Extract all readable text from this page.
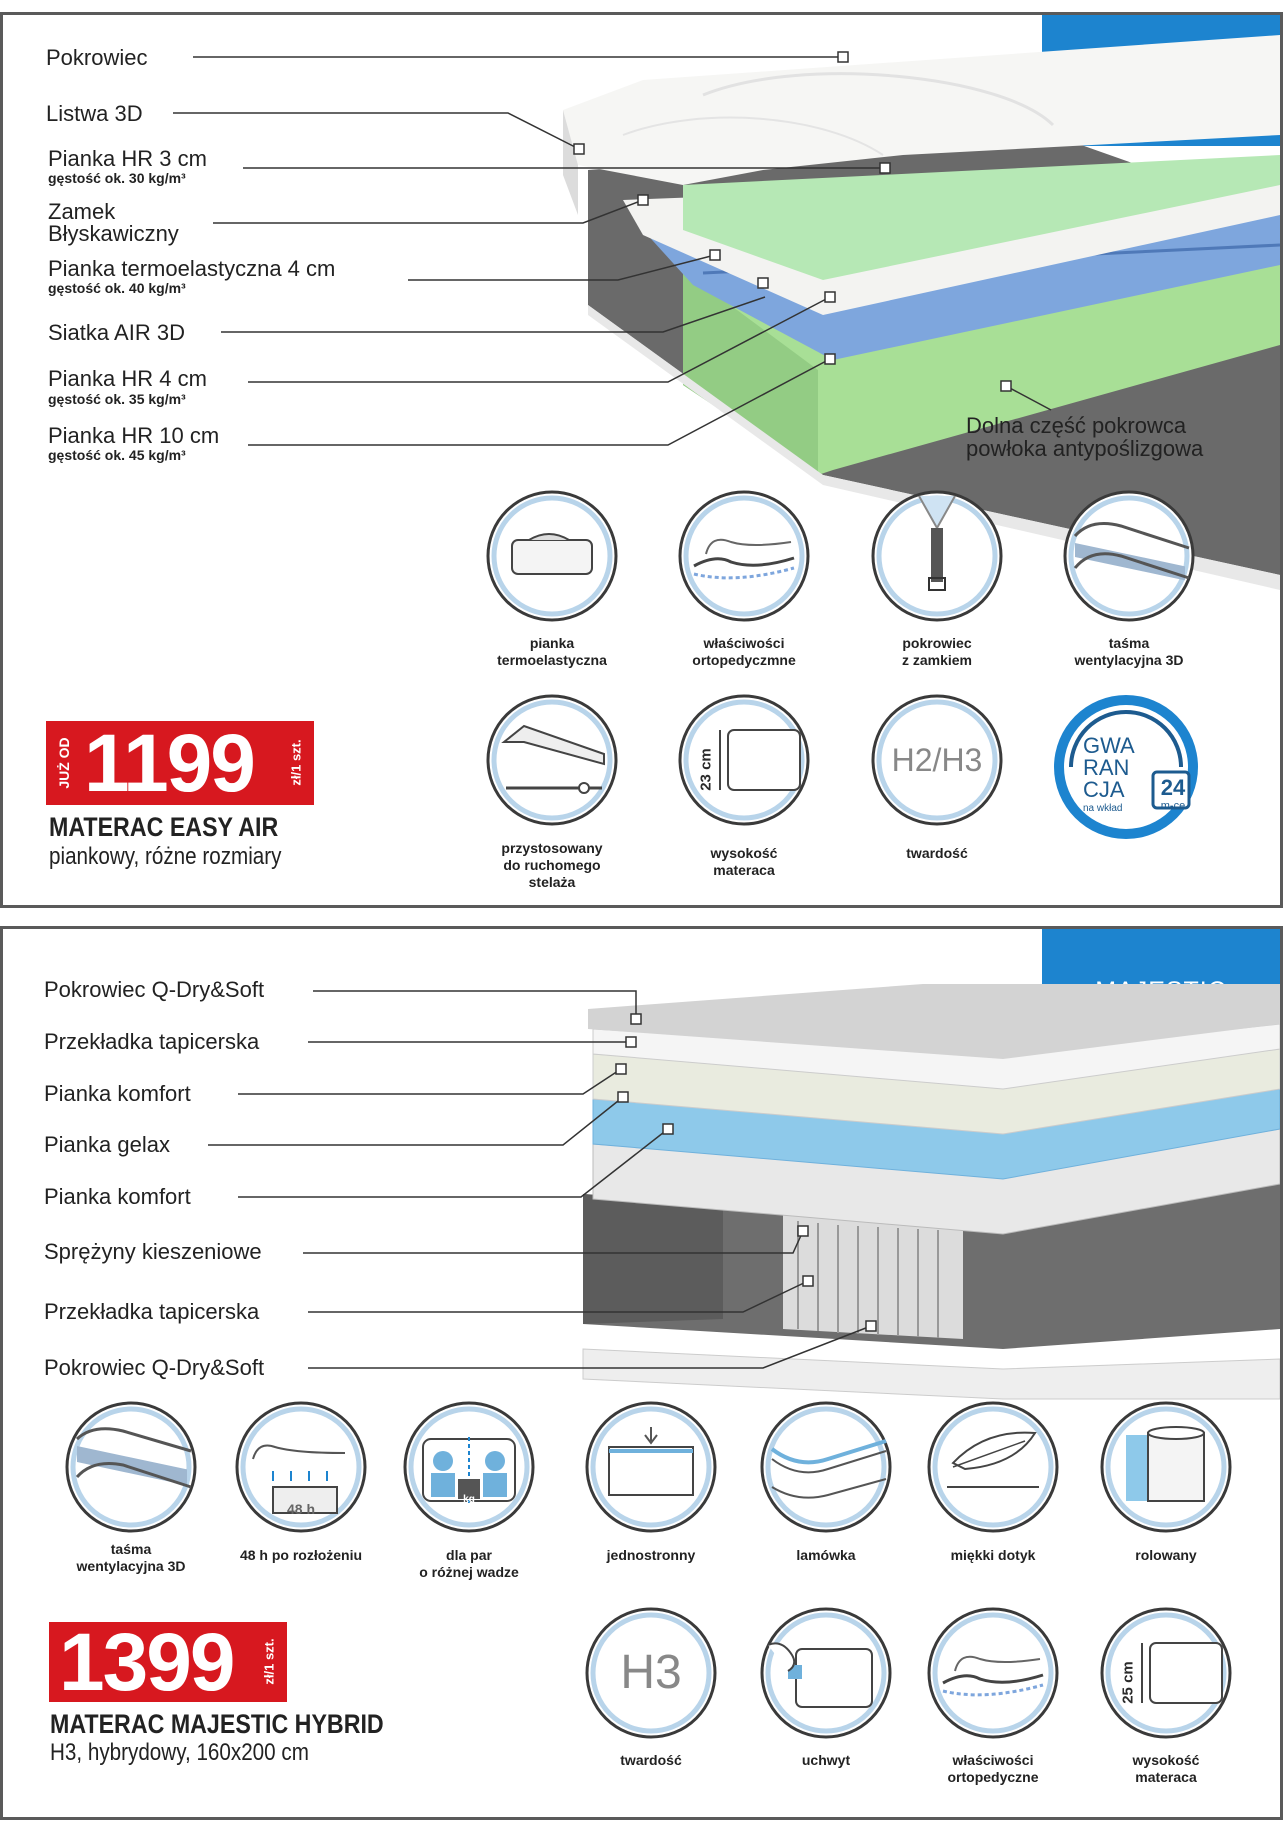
Pokrowiec
Listwa 3D
Pianka HR 3 cm
gęstość ok. 30 kg/m³
Zamek
Błyskawiczny
Pianka termoelastyczna 4 cm
gęstość ok. 40 kg/m³
Siatka AIR 3D
Pianka HR 4 cm
gęstość ok. 35 kg/m³
Pianka HR 10 cm
gęstość ok. 45 kg/m³
Dolna część pokrowca
powłoka antypoślizgowa
pianka
termoelastyczna
właściwości
ortopedyczmne
pokrowiec
z zamkiem
taśma
wentylacyjna 3D
23 cm	H2/H3	GWA
RAN
CJA
na wkład
24
m-ce
przystosowany
do ruchomego
stelaża
wysokość
materaca
twardość
JUŻ OD 1199	zł/1 szt.
MATERAC EASY AIR
piankowy, różne rozmiary
Pokrowiec Q-Dry&Soft
Przekładka tapicerska
Pianka komfort
Pianka gelax
Pianka komfort
Sprężyny kieszeniowe
Przekładka tapicerska
Pokrowiec Q-Dry&Soft
48 h
kg
taśma
wentylacyjna 3D
48 h po rozłożeniu	dla par
o różnej wadze
jednostronny	lamówka	miękki dotyk	rolowany
H3	25 cm
twardość	uchwyt	właściwości
ortopedyczne
wysokość
materaca
1399 zł/1 szt.
MATERAC MAJESTIC HYBRID
H3, hybrydowy, 160x200 cm
